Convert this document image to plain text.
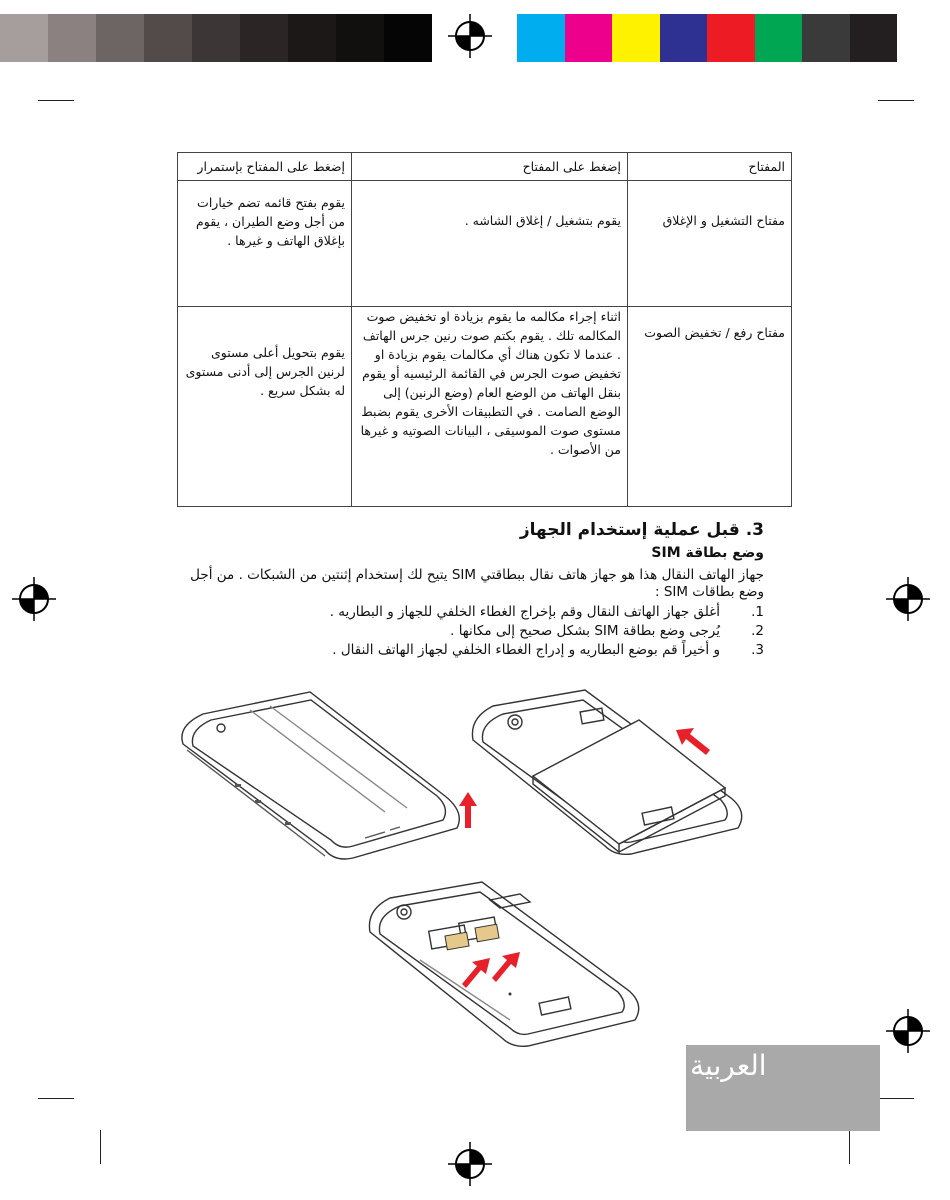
المفتاح	إضغط على المفتاح	إضغط على المفتاح بإستمرار
مفتاح التشغيل و الإغلاق	يقوم بتشغيل / إغلاق الشاشه .	يقوم بفتح قائمه تضم خيارات من أجل وضع الطيران ، يقوم بإغلاق الهاتف و غيرها .
مفتاح رفع / تخفيض الصوت	اثناء إجراء مكالمه ما يقوم بزيادة او تخفيض صوت المكالمه تلك . يقوم بكتم صوت رنين جرس الهاتف . عندما لا تكون هناك أي مكالمات يقوم بزيادة او تخفيض صوت الجرس في القائمة الرئيسيه أو يقوم بنقل الهاتف من الوضع العام (وضع الرنين) إلى الوضع الصامت . في التطبيقات الأخرى يقوم بضبط مستوى صوت الموسيقى ، البيانات الصوتيه و غيرها من الأصوات .	يقوم بتحويل أعلى مستوى لرنين الجرس إلى أدنى مستوى له بشكل سريع .
3. قبل عملية إستخدام الجهاز
وضع بطاقة SIM
جهاز الهاتف النقال هذا هو جهاز هاتف نقال ببطاقتي SIM يتيح لك إستخدام إثنتين من الشبكات . من أجل وضع بطاقات SIM :
1.
أغلق جهاز الهاتف النقال وقم بإخراج الغطاء الخلفي للجهاز و البطاريه .
2.
يُرجى وضع بطاقة SIM بشكل صحيح إلى مكانها .
3.
و أخيراً قم بوضع البطاريه و إدراج الغطاء الخلفي لجهاز الهاتف النقال .
العربية
